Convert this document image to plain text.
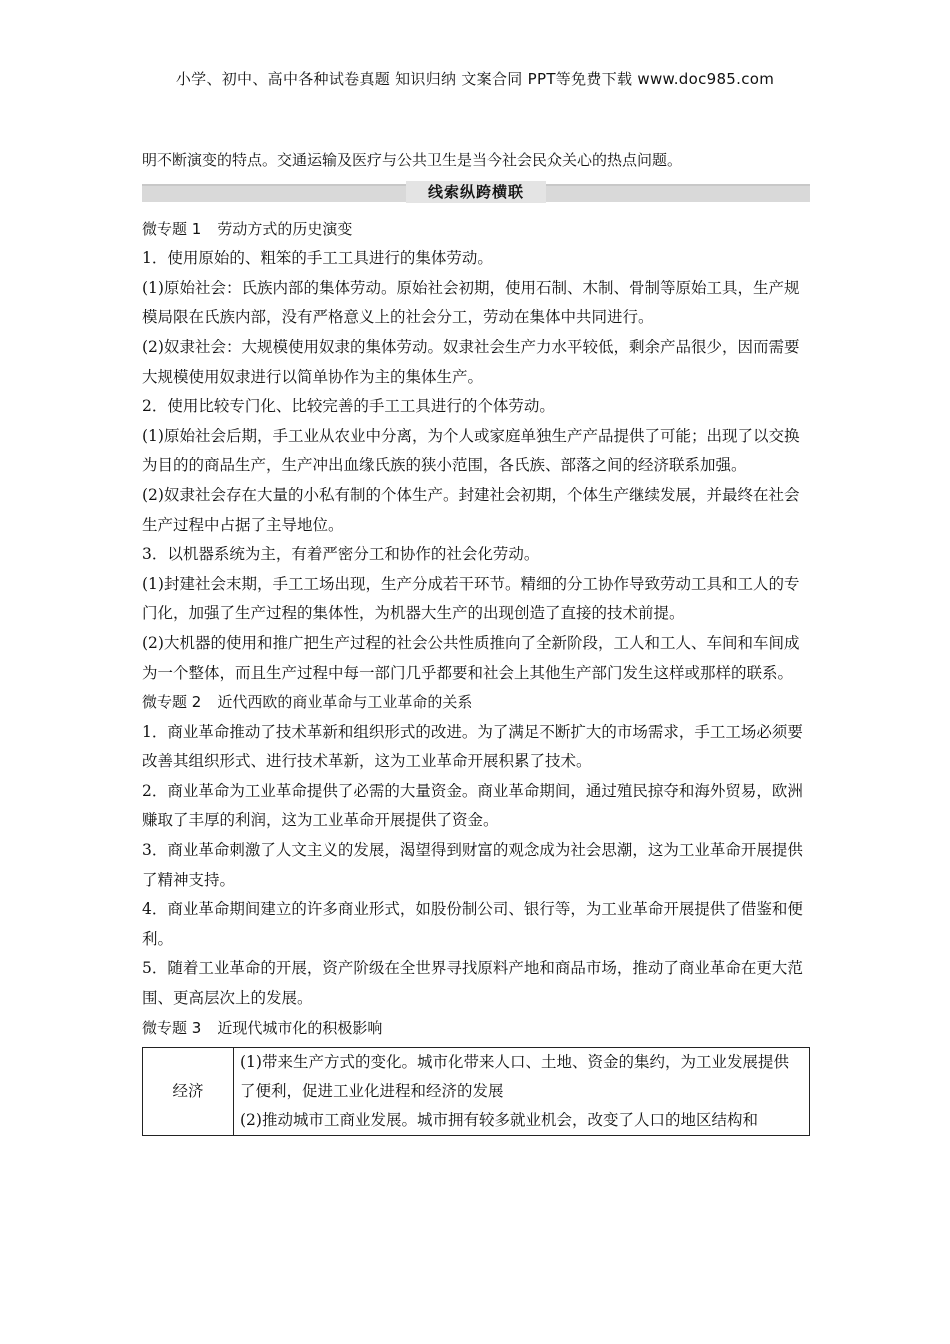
小学、初中、高中各种试卷真题 知识归纳 文案合同 PPT等免费下载 www.doc985.com

明不断演变的特点。交通运输及医疗与公共卫生是当今社会民众关心的热点问题。

线索纵跨横联

微专题 1 劳动方式的历史演变

1．使用原始的、粗笨的手工工具进行的集体劳动。

(1)原始社会：氏族内部的集体劳动。原始社会初期，使用石制、木制、骨制等原始工具，生产规模局限在氏族内部，没有严格意义上的社会分工，劳动在集体中共同进行。

(2)奴隶社会：大规模使用奴隶的集体劳动。奴隶社会生产力水平较低，剩余产品很少，因而需要大规模使用奴隶进行以简单协作为主的集体生产。

2．使用比较专门化、比较完善的手工工具进行的个体劳动。

(1)原始社会后期，手工业从农业中分离，为个人或家庭单独生产产品提供了可能；出现了以交换为目的的商品生产，生产冲出血缘氏族的狭小范围，各氏族、部落之间的经济联系加强。

(2)奴隶社会存在大量的小私有制的个体生产。封建社会初期，个体生产继续发展，并最终在社会生产过程中占据了主导地位。

3．以机器系统为主，有着严密分工和协作的社会化劳动。

(1)封建社会末期，手工工场出现，生产分成若干环节。精细的分工协作导致劳动工具和工人的专门化，加强了生产过程的集体性，为机器大生产的出现创造了直接的技术前提。

(2)大机器的使用和推广把生产过程的社会公共性质推向了全新阶段，工人和工人、车间和车间成为一个整体，而且生产过程中每一部门几乎都要和社会上其他生产部门发生这样或那样的联系。

微专题 2 近代西欧的商业革命与工业革命的关系

1．商业革命推动了技术革新和组织形式的改进。为了满足不断扩大的市场需求，手工工场必须要改善其组织形式、进行技术革新，这为工业革命开展积累了技术。

2．商业革命为工业革命提供了必需的大量资金。商业革命期间，通过殖民掠夺和海外贸易，欧洲赚取了丰厚的利润，这为工业革命开展提供了资金。

3．商业革命刺激了人文主义的发展，渴望得到财富的观念成为社会思潮，这为工业革命开展提供了精神支持。

4．商业革命期间建立的许多商业形式，如股份制公司、银行等，为工业革命开展提供了借鉴和便利。

5．随着工业革命的开展，资产阶级在全世界寻找原料产地和商品市场，推动了商业革命在更大范围、更高层次上的发展。

微专题 3 近现代城市化的积极影响

经济	
(1)带来生产方式的变化。城市化带来人口、土地、资金的集约，为工业发展提供了便利，促进工业化进程和经济的发展
(2)推动城市工商业发展。城市拥有较多就业机会，改变了人口的地区结构和
